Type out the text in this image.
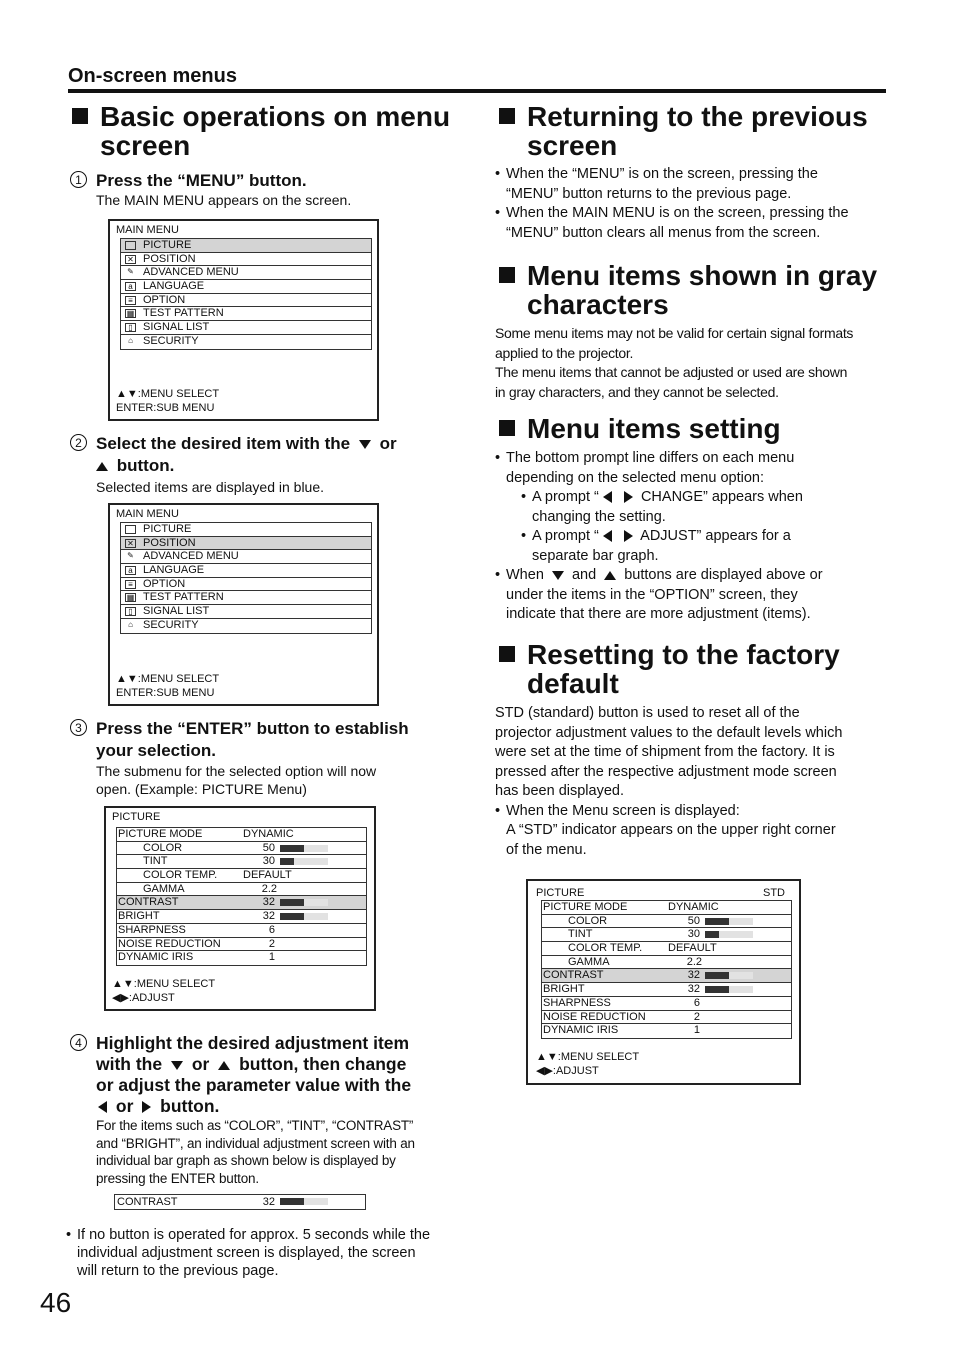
On-screen menus
Basic operations on menu
screen
1 Press the “MENU” button.
The MAIN MENU appears on the screen.
MAIN MENU
PICTURE
✕ POSITION
✎ ADVANCED MENU
a LANGUAGE
≡ OPTION
▦ TEST PATTERN
▯ SIGNAL LIST
⌂ SECURITY
▲▼:MENU SELECT
ENTER:SUB MENU
2 Select the desired item with the or
button.
Selected items are displayed in blue.
MAIN MENU
PICTURE
✕ POSITION
✎ ADVANCED MENU
a LANGUAGE
≡ OPTION
▦ TEST PATTERN
▯ SIGNAL LIST
⌂ SECURITY
▲▼:MENU SELECT
ENTER:SUB MENU
3 Press the “ENTER” button to establish
your selection.
The submenu for the selected option will now
open. (Example: PICTURE Menu)
PICTURE
PICTURE MODE	DYNAMIC
COLOR	50
TINT	30
COLOR TEMP. DEFAULT
GAMMA	2.2
CONTRAST	32
BRIGHT	32
SHARPNESS	6
NOISE REDUCTION	2
DYNAMIC IRIS	1
▲▼:MENU SELECT
◀▶:ADJUST
4 Highlight the desired adjustment item
with the or button, then change
or adjust the parameter value with the
or button.
For the items such as “COLOR”, “TINT”, “CONTRAST”
and “BRIGHT”, an individual adjustment screen with an
individual bar graph as shown below is displayed by
pressing the ENTER button.
CONTRAST	32
• If no button is operated for approx. 5 seconds while the
individual adjustment screen is displayed, the screen
will return to the previous page.
46
Returning to the previous
screen
• When the “MENU” is on the screen, pressing the
“MENU” button returns to the previous page.
• When the MAIN MENU is on the screen, pressing the
“MENU” button clears all menus from the screen.
Menu items shown in gray
characters
Some menu items may not be valid for certain signal formats
applied to the projector.
The menu items that cannot be adjusted or used are shown
in gray characters, and they cannot be selected.
Menu items setting
• The bottom prompt line differs on each menu
depending on the selected menu option:
• A prompt “	CHANGE” appears when
changing the setting.
• A prompt “	ADJUST” appears for a
separate bar graph.
• When and buttons are displayed above or
under the items in the “OPTION” screen, they
indicate that there are more adjustment (items).
Resetting to the factory
default
STD (standard) button is used to reset all of the
projector adjustment values to the default levels which
were set at the time of shipment from the factory. It is
pressed after the respective adjustment mode screen
has been displayed.
• When the Menu screen is displayed:
A “STD” indicator appears on the upper right corner
of the menu.
PICTURE	STD
PICTURE MODE	DYNAMIC
COLOR	50
TINT	30
COLOR TEMP. DEFAULT
GAMMA	2.2
CONTRAST	32
BRIGHT	32
SHARPNESS	6
NOISE REDUCTION	2
DYNAMIC IRIS	1
▲▼:MENU SELECT
◀▶:ADJUST
